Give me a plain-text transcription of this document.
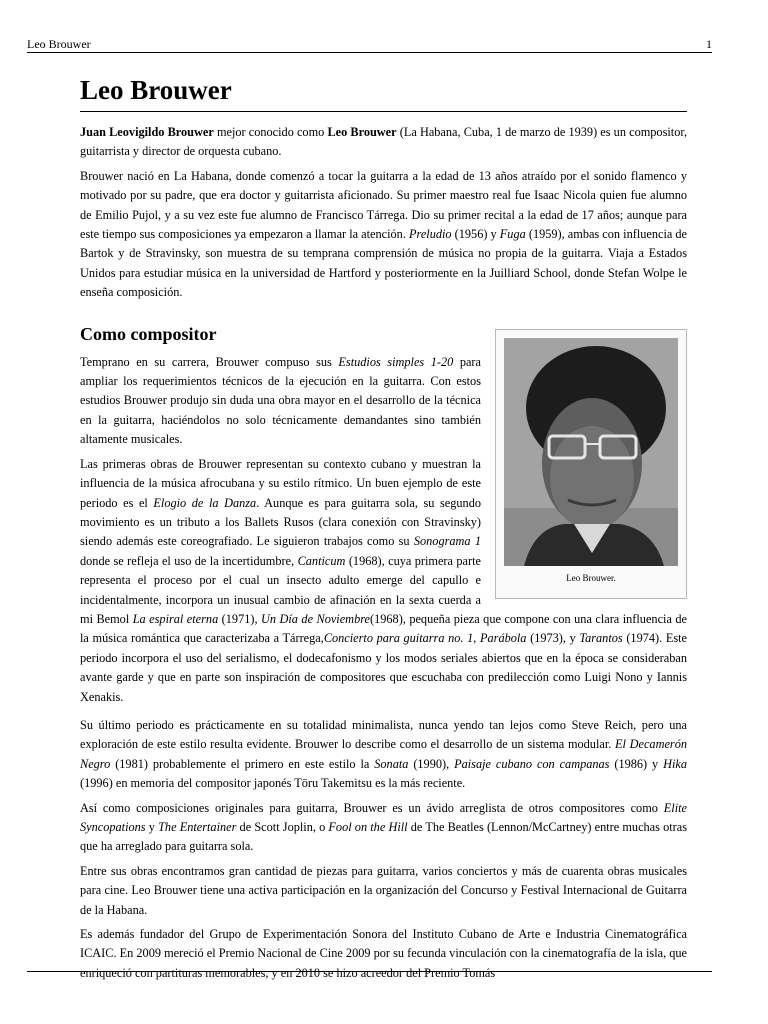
Leo Brouwer	1
Leo Brouwer

Juan Leovigildo Brouwer mejor conocido como Leo Brouwer (La Habana, Cuba, 1 de marzo de 1939) es un compositor, guitarrista y director de orquesta cubano.

Brouwer nació en La Habana, donde comenzó a tocar la guitarra a la edad de 13 años atraído por el sonido flamenco y motivado por su padre, que era doctor y guitarrista aficionado. Su primer maestro real fue Isaac Nicola quien fue alumno de Emilio Pujol, y a su vez este fue alumno de Francisco Tárrega. Dio su primer recital a la edad de 17 años; aunque para este tiempo sus composiciones ya empezaron a llamar la atención. Preludio (1956) y Fuga (1959), ambas con influencia de Bartok y de Stravinsky, son muestra de su temprana comprensión de música no propia de la guitarra. Viaja a Estados Unidos para estudiar música en la universidad de Hartford y posteriormente en la Juilliard School, donde Stefan Wolpe le enseña composición.

Como compositor
Leo Brouwer.

Temprano en su carrera, Brouwer compuso sus Estudios simples 1-20 para ampliar los requerimientos técnicos de la ejecución en la guitarra. Con estos estudios Brouwer produjo sin duda una obra mayor en el desarrollo de la técnica en la guitarra, haciéndolos no solo técnicamente demandantes sino también altamente musicales.

Las primeras obras de Brouwer representan su contexto cubano y muestran la influencia de la música afrocubana y su estilo rítmico. Un buen ejemplo de este periodo es el Elogio de la Danza. Aunque es para guitarra sola, su segundo movimiento es un tributo a los Ballets Rusos (clara conexión con Stravinsky) siendo además este coreografiado. Le siguieron trabajos como su Sonograma 1 donde se refleja el uso de la incertidumbre, Canticum (1968), cuya primera parte representa el proceso por el cual un insecto adulto emerge del capullo e incidentalmente, incorpora un inusual cambio de afinación en la sexta cuerda a mi Bemol La espiral eterna (1971), Un Día de Noviembre(1968), pequeña pieza que compone con una clara influencia de la música romántica que caracterizaba a Tárrega,Concierto para guitarra no. 1, Parábola (1973), y Tarantos (1974). Este periodo incorpora el uso del serialismo, el dodecafonismo y los modos seriales abiertos que en la época se consideraban avante garde y que en parte son inspiración de compositores que escuchaba con predilección como Luigi Nono y Iannis Xenakis.

Su último periodo es prácticamente en su totalidad minimalista, nunca yendo tan lejos como Steve Reich, pero una exploración de este estilo resulta evidente. Brouwer lo describe como el desarrollo de un sistema modular. El Decamerón Negro (1981) probablemente el primero en este estilo la Sonata (1990), Paisaje cubano con campanas (1986) y Hika (1996) en memoria del compositor japonés Tōru Takemitsu es la más reciente.

Así como composiciones originales para guitarra, Brouwer es un ávido arreglista de otros compositores como Elite Syncopations y The Entertainer de Scott Joplin, o Fool on the Hill de The Beatles (Lennon/McCartney) entre muchas otras que ha arreglado para guitarra sola.

Entre sus obras encontramos gran cantidad de piezas para guitarra, varios conciertos y más de cuarenta obras musicales para cine. Leo Brouwer tiene una activa participación en la organización del Concurso y Festival Internacional de Guitarra de la Habana.

Es además fundador del Grupo de Experimentación Sonora del Instituto Cubano de Arte e Industria Cinematográfica ICAIC. En 2009 mereció el Premio Nacional de Cine 2009 por su fecunda vinculación con la cinematografía de la isla, que enriqueció con partituras memorables, y en 2010 se hizo acreedor del Premio Tomás
